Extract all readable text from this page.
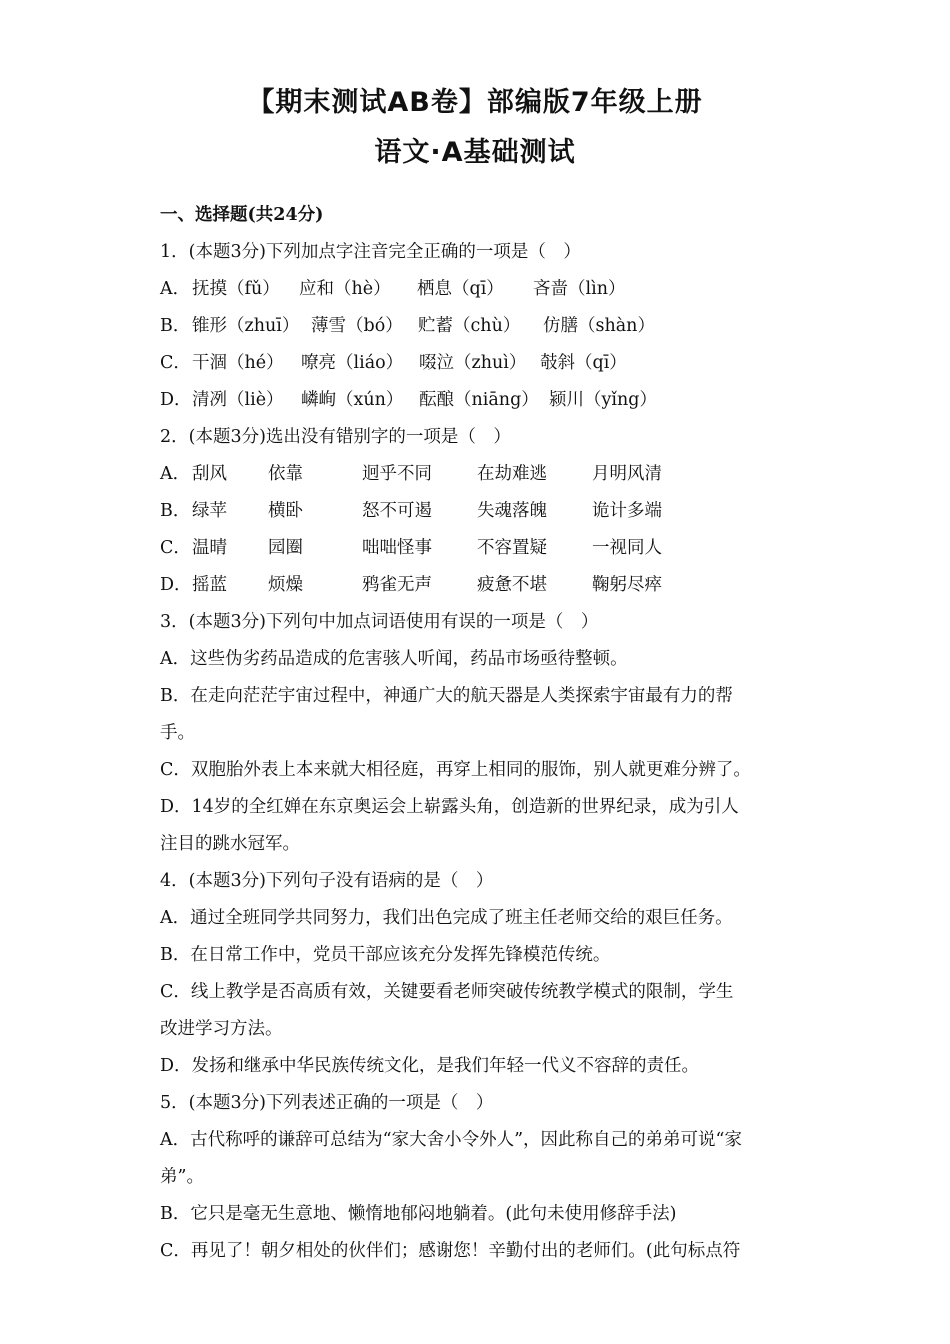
【期末测试AB卷】部编版7年级上册
语文·A基础测试
一、选择题(共24分)
1．(本题3分)下列加点字注音完全正确的一项是（　）
A． 抚摸（fǔ） 应和（hè） 栖息（qī） 吝啬（lìn）
B．锥形（zhuī） 薄雪（bó） 贮蓄（chù） 仿膳（shàn）
C．干涸（hé） 嘹亮（liáo） 啜泣（zhuì） 攲斜（qī）
D．清冽（liè） 嶙峋（xún） 酝酿（niāng） 颍川（yǐng）
2．(本题3分)选出没有错别字的一项是（　）
A． 刮风 依靠	迥乎不同	在劫难逃	月明风清
B．绿苹 横卧	怒不可遏	失魂落魄	诡计多端
C．温晴 园圈	咄咄怪事	不容置疑	一视同人
D．摇蓝 烦燥	鸦雀无声	疲惫不堪	鞠躬尽瘁
3．(本题3分)下列句中加点词语使用有误的一项是（　）
A．这些伪劣药品造成的危害骇人听闻，药品市场亟待整顿。
B．在走向茫茫宇宙过程中，神通广大的航天器是人类探索宇宙最有力的帮
手。
C．双胞胎外表上本来就大相径庭，再穿上相同的服饰，别人就更难分辨了。
D．14岁的全红婵在东京奥运会上崭露头角，创造新的世界纪录，成为引人
注目的跳水冠军。
4．(本题3分)下列句子没有语病的是（　）
A．通过全班同学共同努力，我们出色完成了班主任老师交给的艰巨任务。
B．在日常工作中，党员干部应该充分发挥先锋模范传统。
C．线上教学是否高质有效，关键要看老师突破传统教学模式的限制，学生
改进学习方法。
D．发扬和继承中华民族传统文化，是我们年轻一代义不容辞的责任。
5．(本题3分)下列表述正确的一项是（　）
A．古代称呼的谦辞可总结为“家大舍小令外人”，因此称自己的弟弟可说“家
弟”。
B．它只是毫无生意地、懒惰地郁闷地躺着。(此句未使用修辞手法)
C．再见了！朝夕相处的伙伴们；感谢您！辛勤付出的老师们。(此句标点符
